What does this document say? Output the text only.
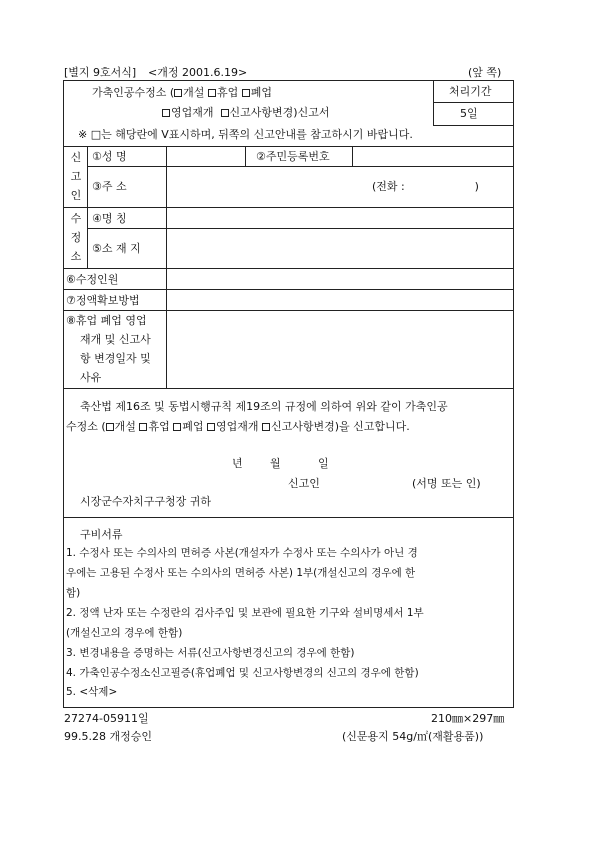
[별지 9호서식] <개정 2001.6.19>	(앞 쪽)
가축인공수정소 ( 개설 휴업 폐업
영업재개 신고사항변경)신고서
※ □는 해당란에 V표시하며, 뒤쪽의 신고안내를 참고하시기 바랍니다.
처리기간
5일
신
고
인
①성 명	②주민등록번호
③주 소	(전화 :                    )
수
정
소
④명 칭
⑤소 재 지
⑥수정인원
⑦정액확보방법
⑧휴업 폐업 영업
재개 및 신고사
항 변경일자 및
사유
축산법 제16조 및 동법시행규칙 제19조의 규정에 의하여 위와 같이 가축인공
수정소 ( 개설 휴업 폐업 영업재개 신고사항변경)을 신고합니다.
년 월	일
신고인	(서명 또는 인)
시장군수자치구구청장 귀하
구비서류
1. 수정사 또는 수의사의 면허증 사본(개설자가 수정사 또는 수의사가 아닌 경
우에는 고용된 수정사 또는 수의사의 면허증 사본) 1부(개설신고의 경우에 한
함)
2. 정액 난자 또는 수정란의 검사주입 및 보관에 필요한 기구와 설비명세서 1부
(개설신고의 경우에 한함)
3. 변경내용을 증명하는 서류(신고사항변경신고의 경우에 한함)
4. 가축인공수정소신고필증(휴업폐업 및 신고사항변경의 신고의 경우에 한함)
5. <삭제>
27274-05911일	210㎜×297㎜
99.5.28 개정승인	(신문용지 54g/㎡(재활용품))
